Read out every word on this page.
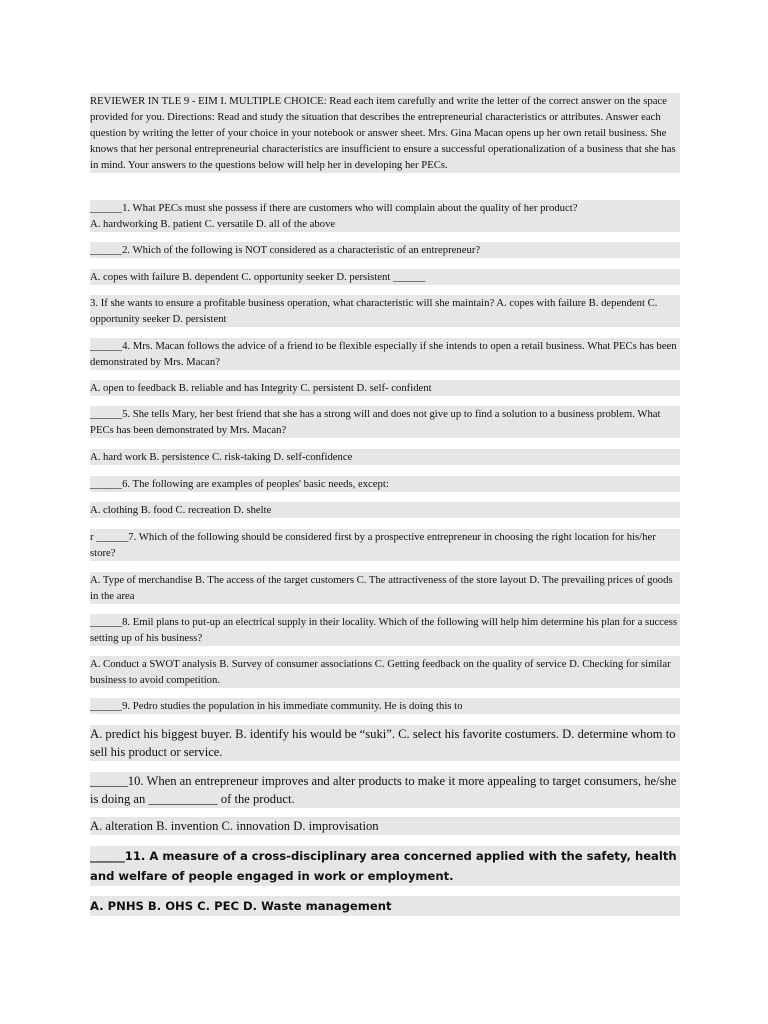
REVIEWER IN TLE 9 - EIM I. MULTIPLE CHOICE: Read each item carefully and write the letter of the correct answer on the space provided for you. Directions: Read and study the situation that describes the entrepreneurial characteristics or attributes. Answer each question by writing the letter of your choice in your notebook or answer sheet. Mrs. Gina Macan opens up her own retail business. She knows that her personal entrepreneurial characteristics are insufficient to ensure a successful operationalization of a business that she has in mind. Your answers to the questions below will help her in developing her PECs.
______1. What PECs must she possess if there are customers who will complain about the quality of her product?
A. hardworking B. patient C. versatile D. all of the above
______2. Which of the following is NOT considered as a characteristic of an entrepreneur?
A. copes with failure B. dependent C. opportunity seeker D. persistent ______
3. If she wants to ensure a profitable business operation, what characteristic will she maintain? A. copes with failure B. dependent C. opportunity seeker D. persistent
______4. Mrs. Macan follows the advice of a friend to be flexible especially if she intends to open a retail business. What PECs has been demonstrated by Mrs. Macan?
A. open to feedback B. reliable and has Integrity C. persistent D. self- confident
______5. She tells Mary, her best friend that she has a strong will and does not give up to find a solution to a business problem. What PECs has been demonstrated by Mrs. Macan?
A. hard work B. persistence C. risk-taking D. self-confidence
______6. The following are examples of peoples' basic needs, except:
A. clothing B. food C. recreation D. shelte
r ______7. Which of the following should be considered first by a prospective entrepreneur in choosing the right location for his/her store?
A. Type of merchandise B. The access of the target customers C. The attractiveness of the store layout D. The prevailing prices of goods in the area
______8. Emil plans to put-up an electrical supply in their locality. Which of the following will help him determine his plan for a success setting up of his business?
A. Conduct a SWOT analysis B. Survey of consumer associations C. Getting feedback on the quality of service D. Checking for similar business to avoid competition.
______9. Pedro studies the population in his immediate community. He is doing this to
A. predict his biggest buyer. B. identify his would be “suki”. C. select his favorite costumers. D. determine whom to sell his product or service.
______10. When an entrepreneur improves and alter products to make it more appealing to target consumers, he/she is doing an ___________ of the product.
A. alteration B. invention C. innovation D. improvisation
______11. A measure of a cross-disciplinary area concerned applied with the safety, health and welfare of people engaged in work or employment.
A. PNHS B. OHS C. PEC D. Waste management
